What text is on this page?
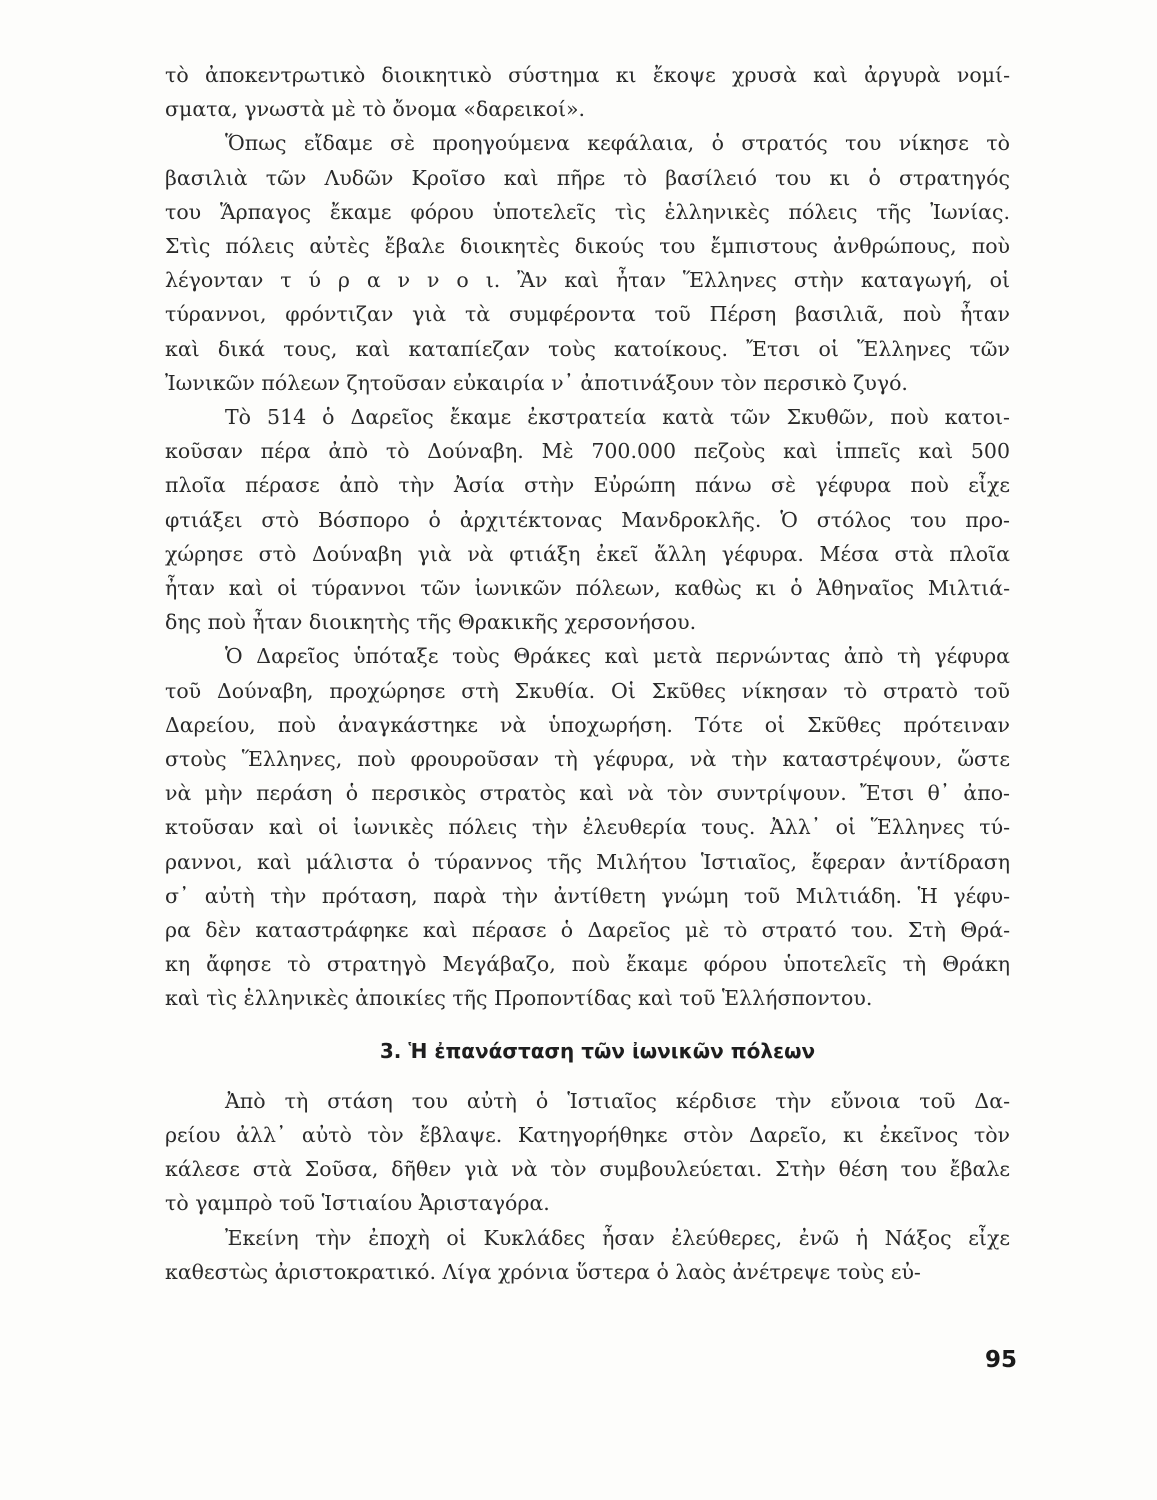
τὸ ἀποκεντρωτικὸ διοικητικὸ σύστημα κι ἔκοψε χρυσὰ καὶ ἀργυρὰ νομί-
σματα, γνωστὰ μὲ τὸ ὄνομα «δαρεικοί».
Ὅπως εἴδαμε σὲ προηγούμενα κεφάλαια, ὁ στρατός του νίκησε τὸ
βασιλιὰ τῶν Λυδῶν Κροῖσο καὶ πῆρε τὸ βασίλειό του κι ὁ στρατηγός
του Ἅρπαγος ἔκαμε φόρου ὑποτελεῖς τὶς ἑλληνικὲς πόλεις τῆς Ἰωνίας.
Στὶς πόλεις αὐτὲς ἔβαλε διοικητὲς δικούς του ἔμπιστους ἀνθρώπους, ποὺ
λέγονταν τ ύ ρ α ν ν ο ι. Ἂν καὶ ἦταν Ἕλληνες στὴν καταγωγή, οἱ
τύραννοι, φρόντιζαν γιὰ τὰ συμφέροντα τοῦ Πέρση βασιλιᾶ, ποὺ ἦταν
καὶ δικά τους, καὶ καταπίεζαν τοὺς κατοίκους. Ἔτσι οἱ Ἕλληνες τῶν
Ἰωνικῶν πόλεων ζητοῦσαν εὐκαιρία ν᾿ ἀποτινάξουν τὸν περσικὸ ζυγό.
Τὸ 514 ὁ Δαρεῖος ἔκαμε ἐκστρατεία κατὰ τῶν Σκυθῶν, ποὺ κατοι-
κοῦσαν πέρα ἀπὸ τὸ Δούναβη. Μὲ 700.000 πεζοὺς καὶ ἱππεῖς καὶ 500
πλοῖα πέρασε ἀπὸ τὴν Ἀσία στὴν Εὐρώπη πάνω σὲ γέφυρα ποὺ εἶχε
φτιάξει στὸ Βόσπορο ὁ ἀρχιτέκτονας Μανδροκλῆς. Ὁ στόλος του προ-
χώρησε στὸ Δούναβη γιὰ νὰ φτιάξη ἐκεῖ ἄλλη γέφυρα. Μέσα στὰ πλοῖα
ἦταν καὶ οἱ τύραννοι τῶν ἰωνικῶν πόλεων, καθὼς κι ὁ Ἀθηναῖος Μιλτιά-
δης ποὺ ἦταν διοικητὴς τῆς Θρακικῆς χερσονήσου.
Ὁ Δαρεῖος ὑπόταξε τοὺς Θράκες καὶ μετὰ περνώντας ἀπὸ τὴ γέφυρα
τοῦ Δούναβη, προχώρησε στὴ Σκυθία. Οἱ Σκῦθες νίκησαν τὸ στρατὸ τοῦ
Δαρείου, ποὺ ἀναγκάστηκε νὰ ὑποχωρήση. Τότε οἱ Σκῦθες πρότειναν
στοὺς Ἕλληνες, ποὺ φρουροῦσαν τὴ γέφυρα, νὰ τὴν καταστρέψουν, ὥστε
νὰ μὴν περάση ὁ περσικὸς στρατὸς καὶ νὰ τὸν συντρίψουν. Ἔτσι θ᾿ ἀπο-
κτοῦσαν καὶ οἱ ἰωνικὲς πόλεις τὴν ἐλευθερία τους. Ἀλλ᾿ οἱ Ἕλληνες τύ-
ραννοι, καὶ μάλιστα ὁ τύραννος τῆς Μιλήτου Ἱστιαῖος, ἔφεραν ἀντίδραση
σ᾿ αὐτὴ τὴν πρόταση, παρὰ τὴν ἀντίθετη γνώμη τοῦ Μιλτιάδη. Ἡ γέφυ-
ρα δὲν καταστράφηκε καὶ πέρασε ὁ Δαρεῖος μὲ τὸ στρατό του. Στὴ Θρά-
κη ἄφησε τὸ στρατηγὸ Μεγάβαζο, ποὺ ἔκαμε φόρου ὑποτελεῖς τὴ Θράκη
καὶ τὶς ἑλληνικὲς ἀποικίες τῆς Προποντίδας καὶ τοῦ Ἑλλήσποντου.
3. Ἡ ἐπανάσταση τῶν ἰωνικῶν πόλεων
Ἀπὸ τὴ στάση του αὐτὴ ὁ Ἱστιαῖος κέρδισε τὴν εὔνοια τοῦ Δα-
ρείου ἀλλ᾿ αὐτὸ τὸν ἔβλαψε. Κατηγορήθηκε στὸν Δαρεῖο, κι ἐκεῖνος τὸν
κάλεσε στὰ Σοῦσα, δῆθεν γιὰ νὰ τὸν συμβουλεύεται. Στὴν θέση του ἔβαλε
τὸ γαμπρὸ τοῦ Ἱστιαίου Ἀρισταγόρα.
Ἐκείνη τὴν ἐποχὴ οἱ Κυκλάδες ἦσαν ἐλεύθερες, ἐνῶ ἡ Νάξος εἶχε
καθεστὼς ἀριστοκρατικό. Λίγα χρόνια ὕστερα ὁ λαὸς ἀνέτρεψε τοὺς εὐ-
95
